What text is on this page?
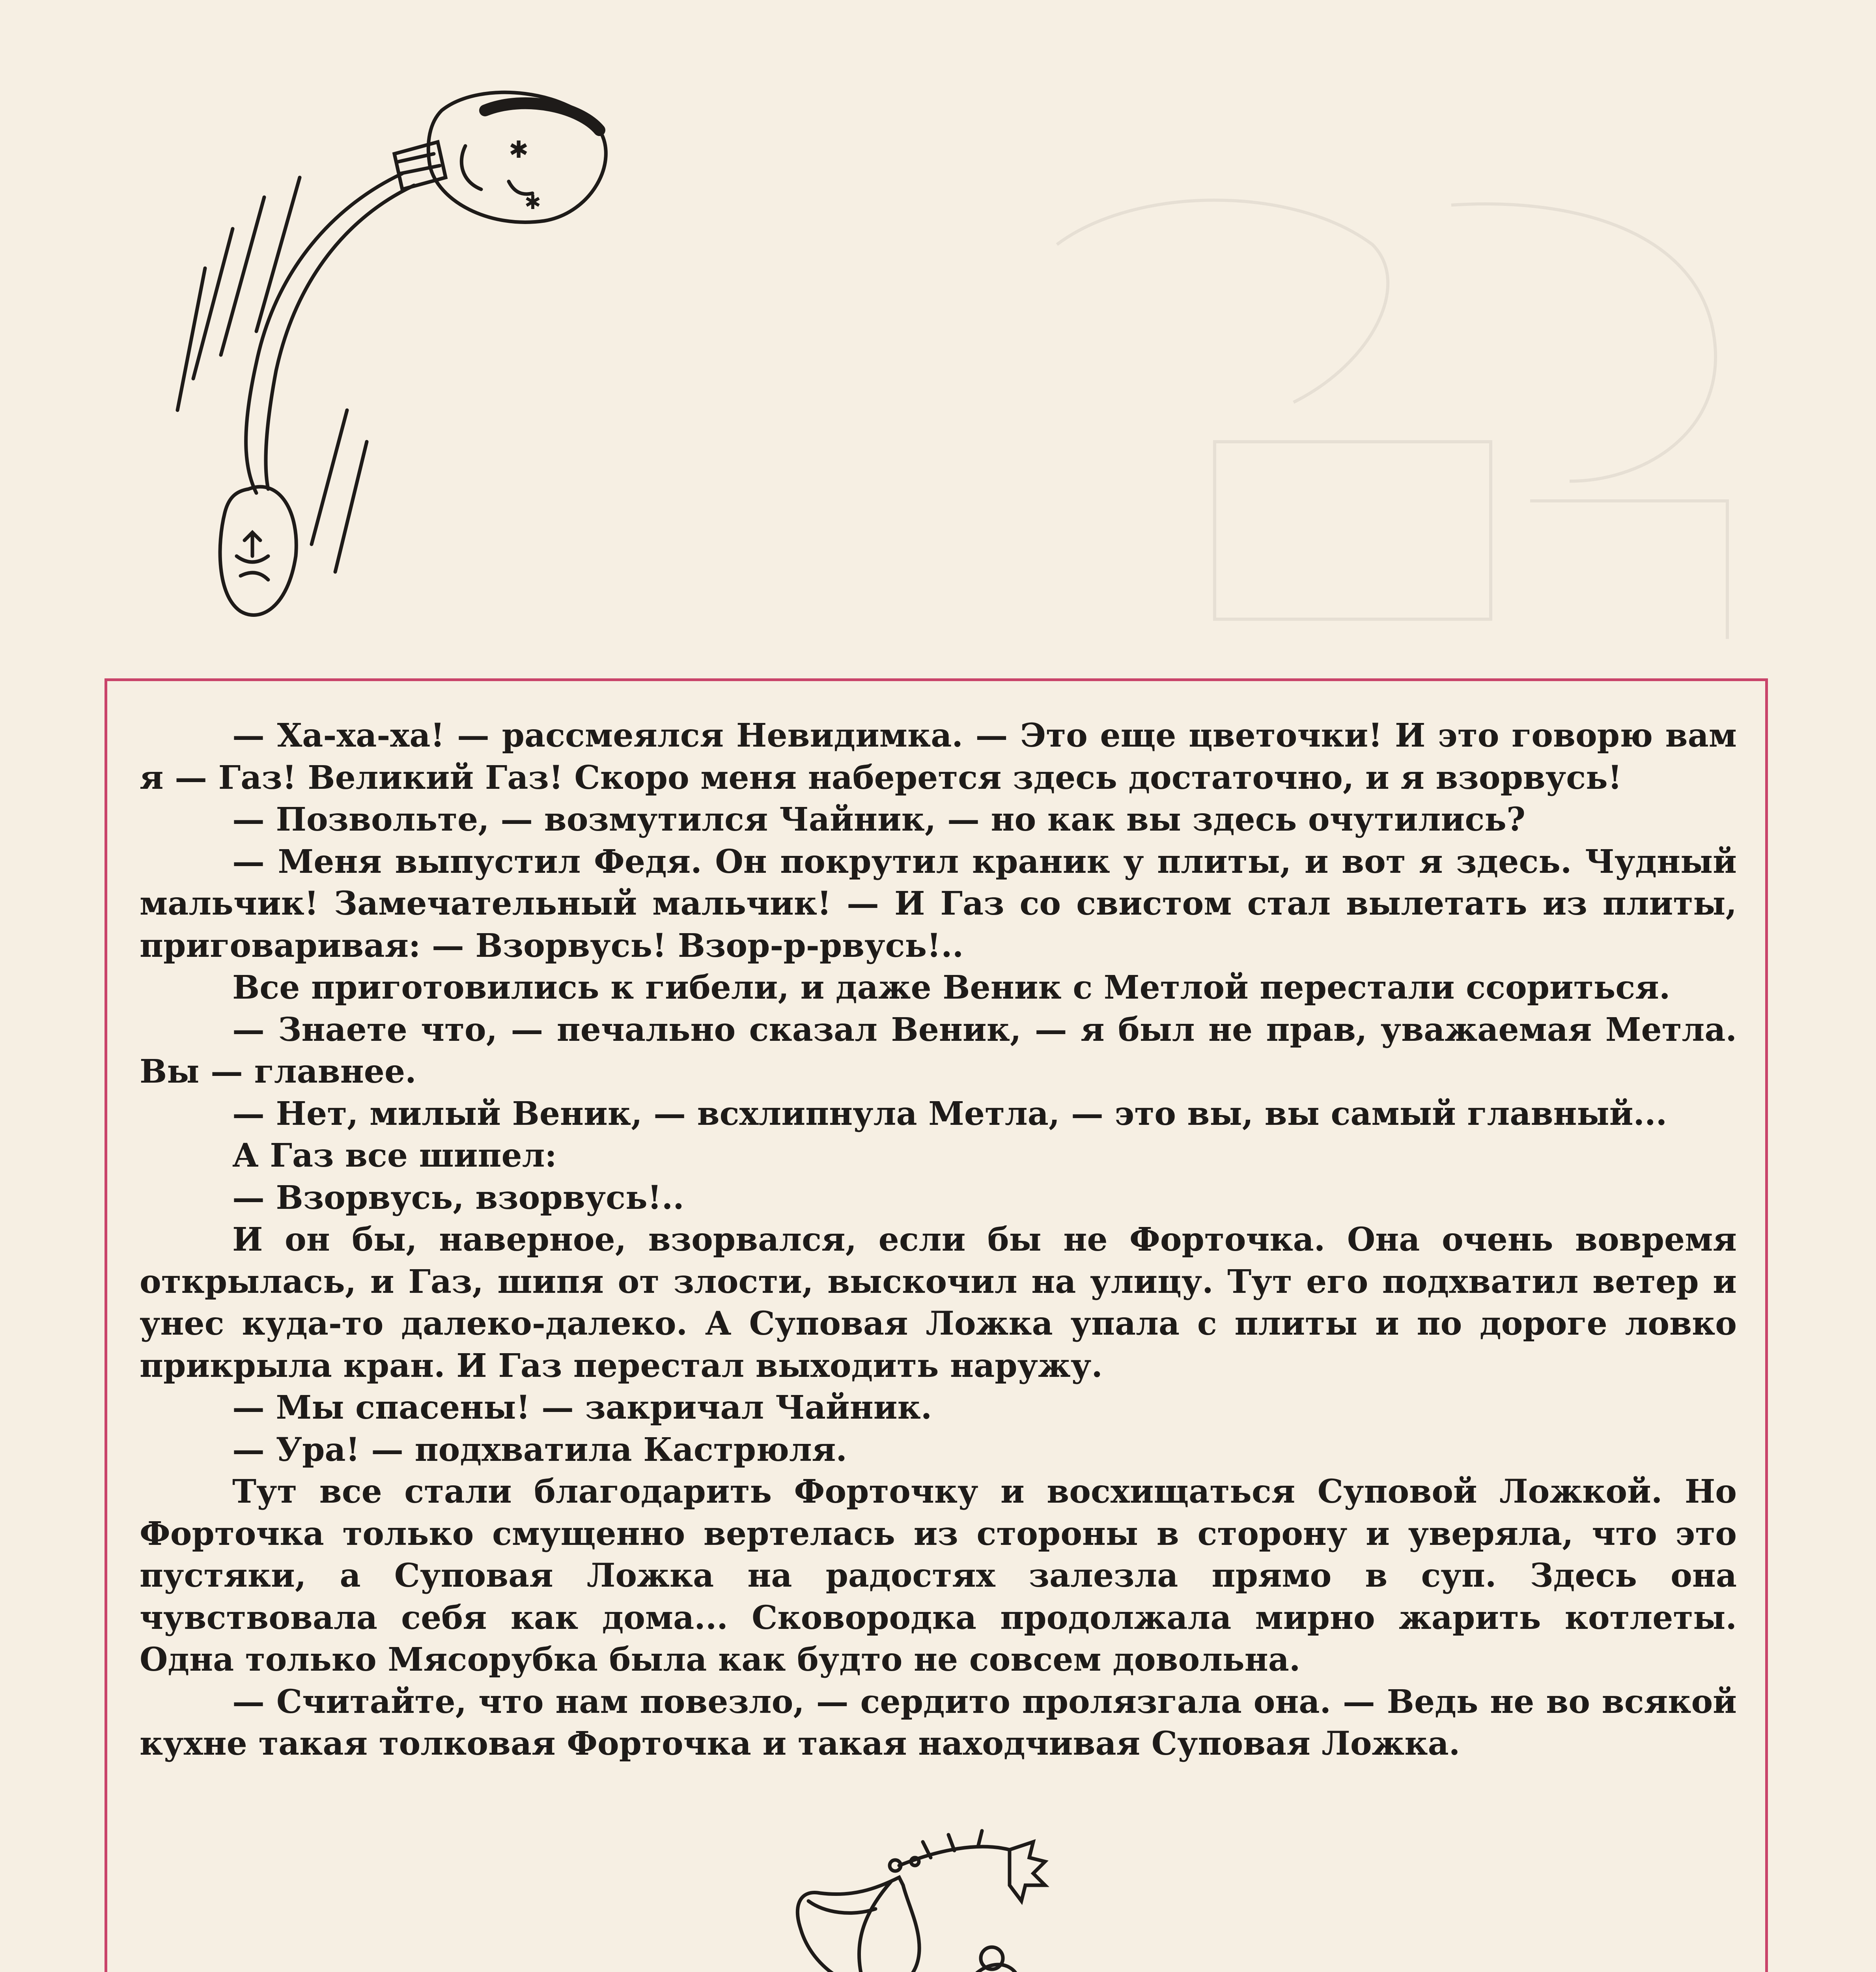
✱
✱

— Ха-ха-ха! — рассмеялся Невидимка. — Это еще цветочки! И это говорю вам я — Газ! Великий Газ! Скоро меня наберется здесь достаточно, и я взорвусь!

— Позвольте, — возмутился Чайник, — но как вы здесь очутились?

— Меня выпустил Федя. Он покрутил краник у плиты, и вот я здесь. Чудный мальчик! Замечательный мальчик! — И Газ со свистом стал вылетать из плиты, приговаривая: — Взорвусь! Взор-р-рвусь!..

Все приготовились к гибели, и даже Веник с Метлой перестали ссориться.

— Знаете что, — печально сказал Веник, — я был не прав, уважаемая Метла. Вы — главнее.

— Нет, милый Веник, — всхлипнула Метла, — это вы, вы самый главный...

А Газ все шипел:

— Взорвусь, взорвусь!..

И он бы, наверное, взорвался, если бы не Форточка. Она очень вовремя открылась, и Газ, шипя от злости, выскочил на улицу. Тут его подхватил ветер и унес куда-то далеко-далеко. А Суповая Ложка упала с плиты и по дороге ловко прикрыла кран. И Газ перестал выходить наружу.

— Мы спасены! — закричал Чайник.

— Ура! — подхватила Кастрюля.

Тут все стали благодарить Форточку и восхищаться Суповой Ложкой. Но Форточка только смущенно вертелась из стороны в сторону и уверяла, что это пустяки, а Суповая Ложка на радостях залезла прямо в суп. Здесь она чувствовала себя как дома... Сковородка продолжала мирно жарить котлеты. Одна только Мясорубка была как будто не совсем довольна.

— Считайте, что нам повезло, — сердито пролязгала она. — Ведь не во всякой кухне такая толковая Форточка и такая находчивая Суповая Ложка.
